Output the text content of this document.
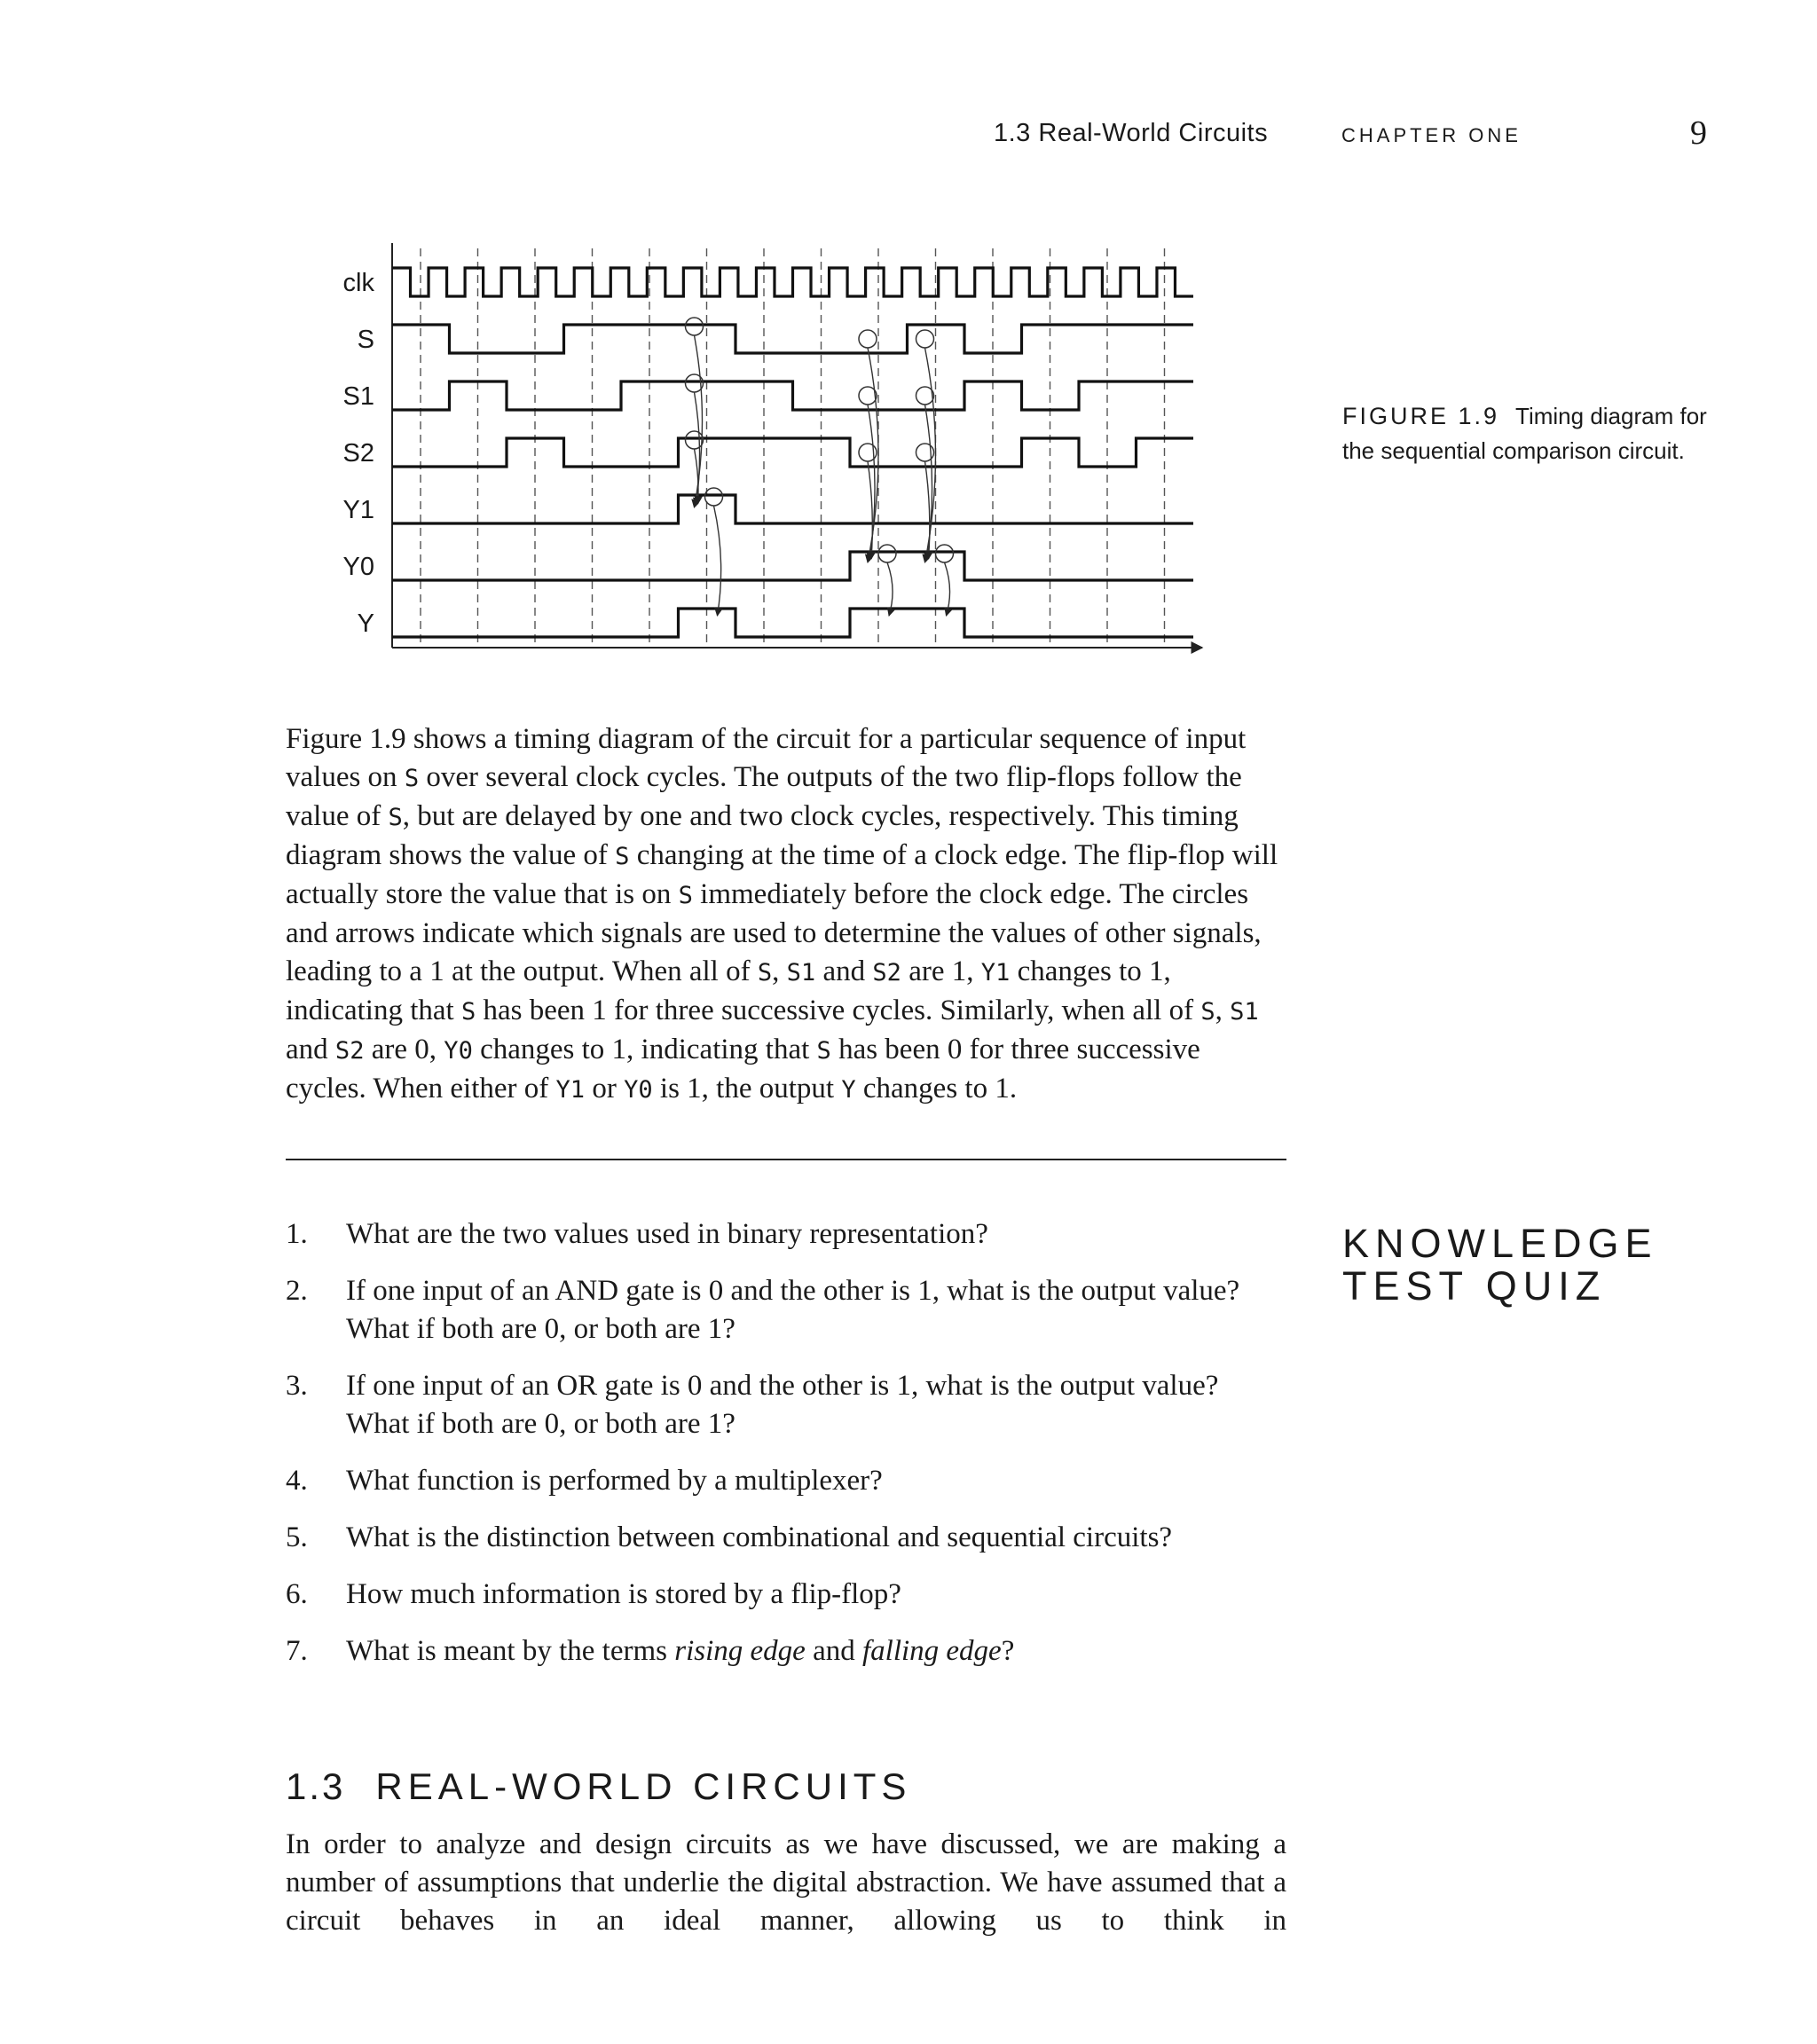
1.3 Real-World Circuits	CHAPTER ONE	9
clk
S
S1
S2
Y1
Y0
Y
FIGURE 1.9 Timing diagram for the sequential comparison circuit.

Figure 1.9 shows a timing diagram of the circuit for a particular sequence of input values on S over several clock cycles. The outputs of the two flip-flops follow the value of S, but are delayed by one and two clock cycles, respectively. This timing diagram shows the value of S changing at the time of a clock edge. The flip-flop will actually store the value that is on S immediately before the clock edge. The circles and arrows indicate which signals are used to determine the values of other signals, leading to a 1 at the output. When all of S, S1 and S2 are 1, Y1 changes to 1, indicating that S has been 1 for three successive cycles. Similarly, when all of S, S1 and S2 are 0, Y0 changes to 1, indicating that S has been 0 for three successive cycles. When either of Y1 or Y0 is 1, the output Y changes to 1.

1. What are the two values used in binary representation?
2. If one input of an AND gate is 0 and the other is 1, what is the output value? What if both are 0, or both are 1?
3. If one input of an OR gate is 0 and the other is 1, what is the output value? What if both are 0, or both are 1?
4. What function is performed by a multiplexer?
5. What is the distinction between combinational and sequential circuits?
6. How much information is stored by a flip-flop?
7. What is meant by the terms rising edge and falling edge?
KNOWLEDGE
TEST QUIZ
1.3 REAL-WORLD CIRCUITS

In order to analyze and design circuits as we have discussed, we are making a number of assumptions that underlie the digital abstraction. We have assumed that a circuit behaves in an ideal manner, allowing us to think in
